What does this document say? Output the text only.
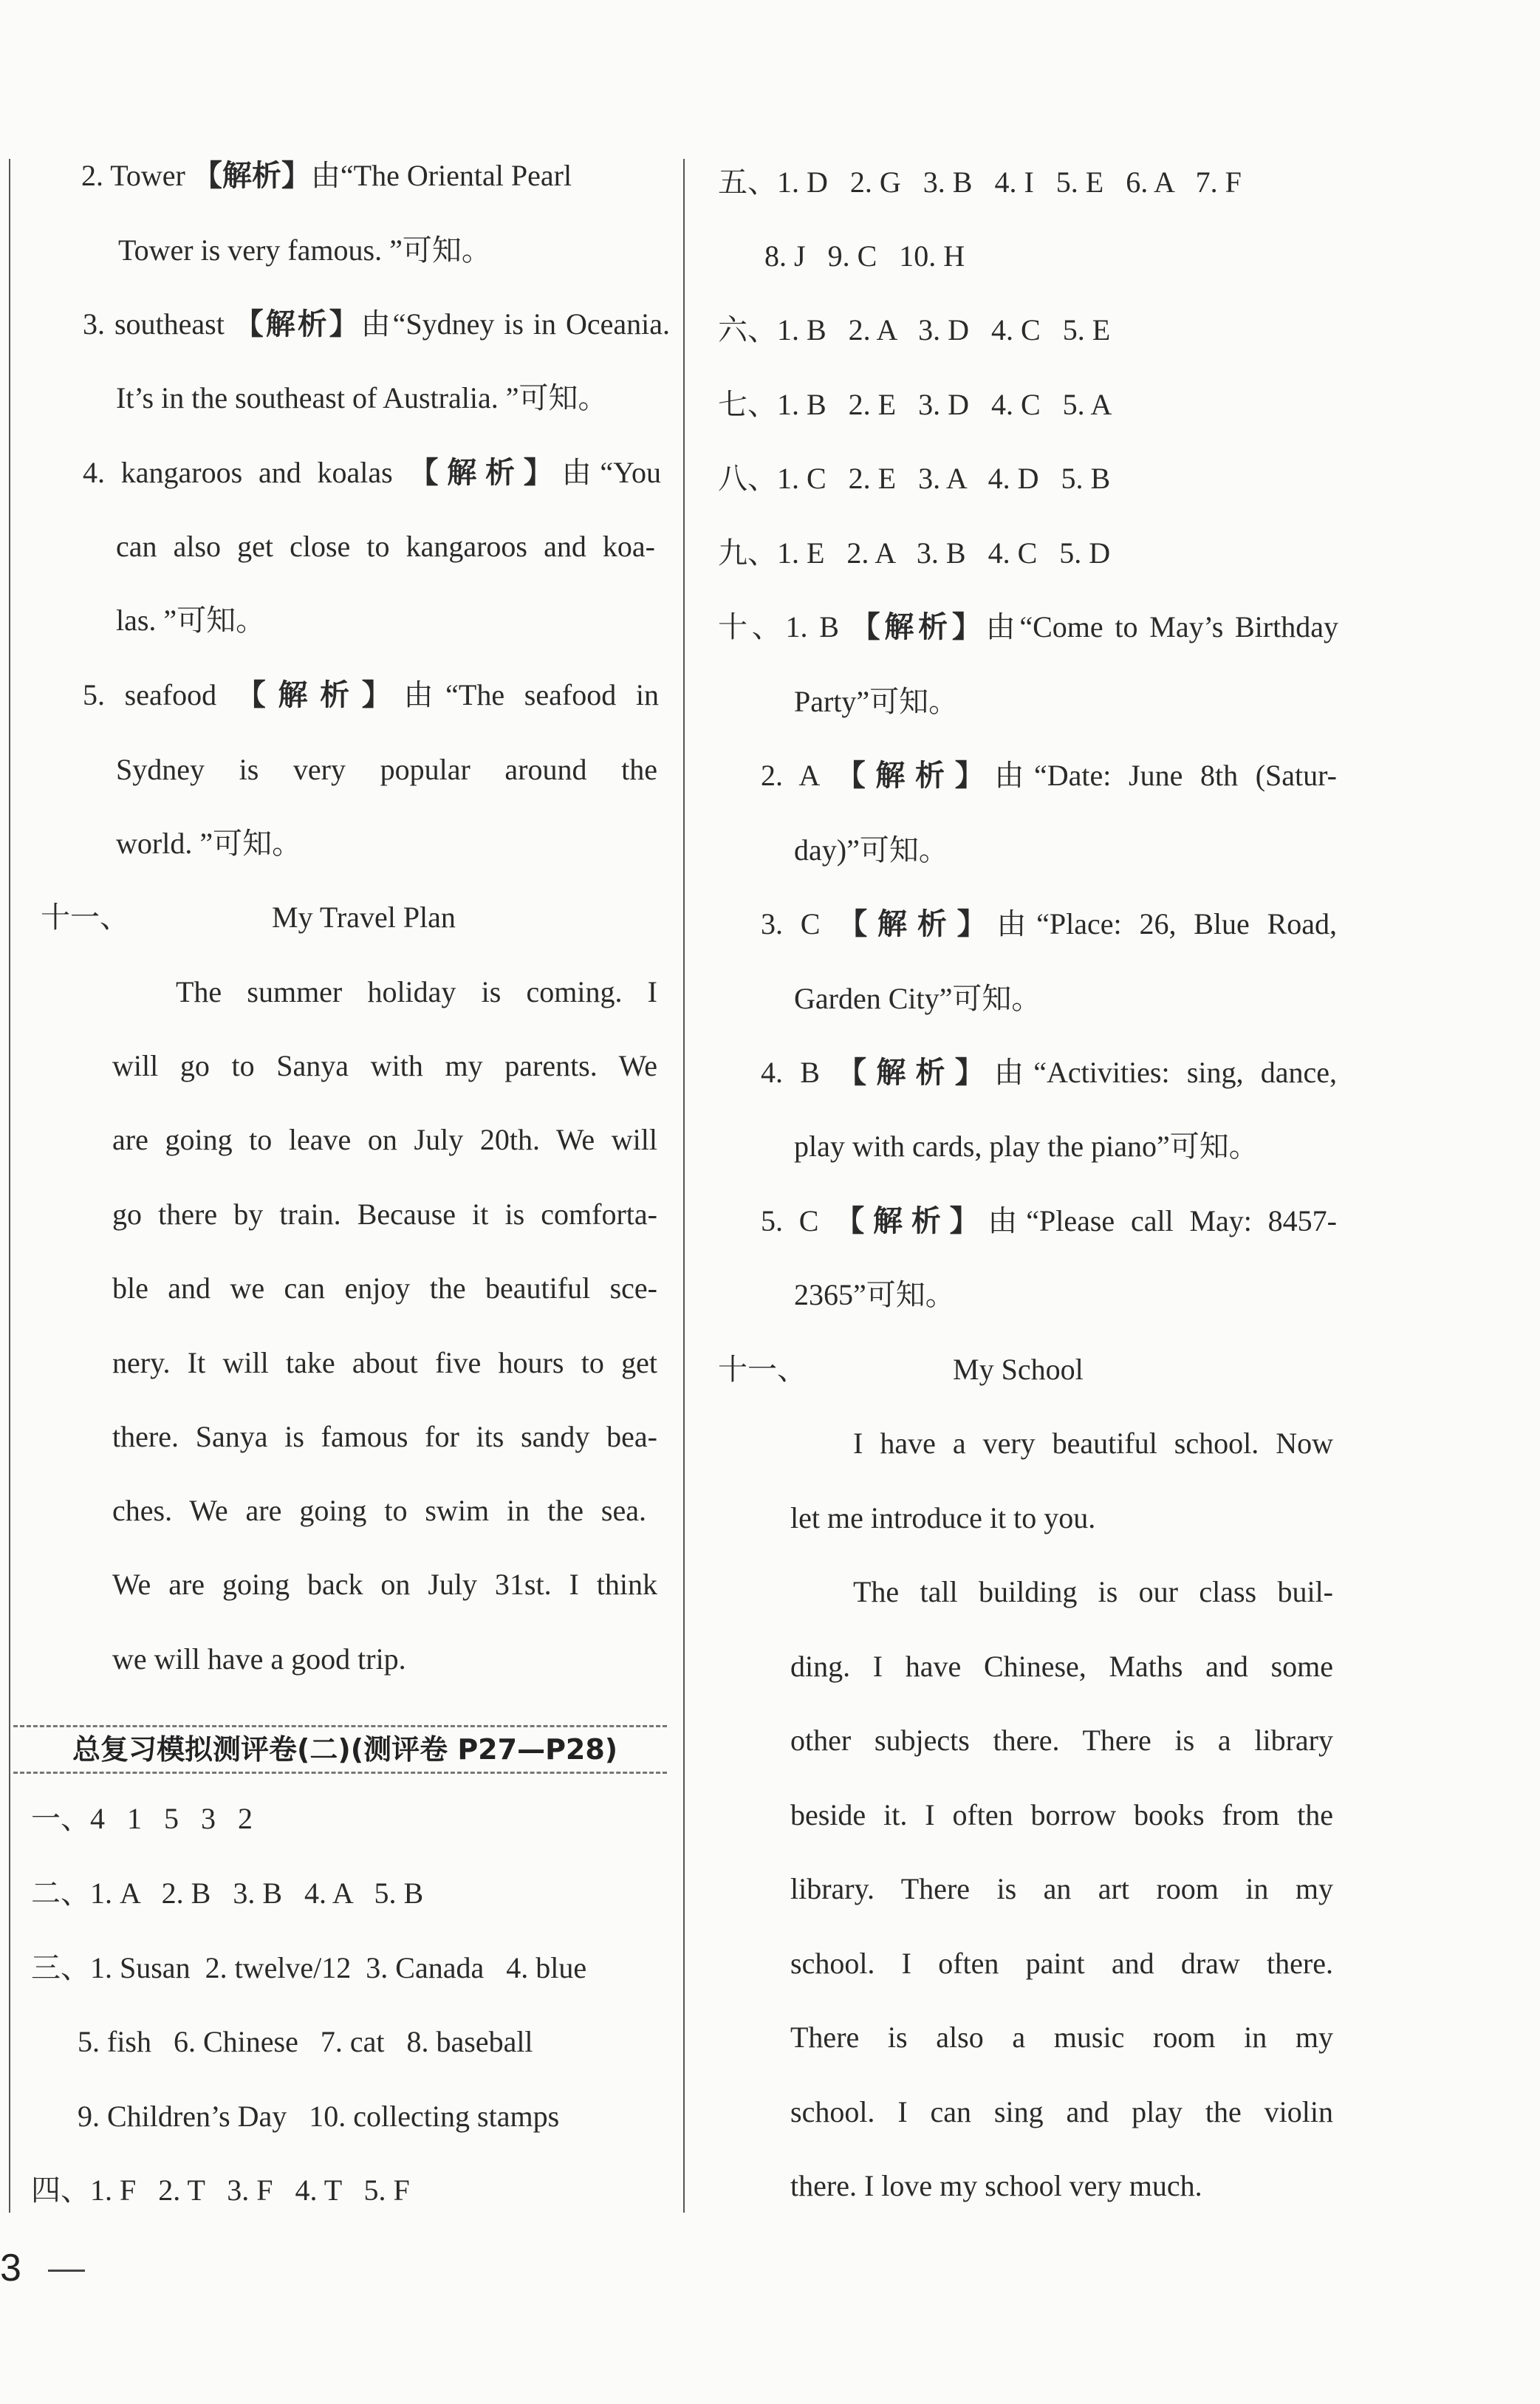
2. Tower 【解析】由“The Oriental Pearl
Tower is very famous. ”可知。
3. southeast 【解析】由“Sydney is in Oceania.
It’s in the southeast of Australia. ”可知。
4. kangaroos and koalas 【解析】由“You
can also get close to kangaroos and koa-
las. ”可知。
5. seafood 【解析】由“The seafood in
Sydney is very popular around the
world. ”可知。
十一、	My Travel Plan
The summer holiday is coming. I
will go to Sanya with my parents. We
are going to leave on July 20th. We will
go there by train. Because it is comforta-
ble and we can enjoy the beautiful sce-
nery. It will take about five hours to get
there. Sanya is famous for its sandy bea-
ches. We are going to swim in the sea.
We are going back on July 31st. I think
we will have a good trip.
一、4   1   5   3   2
二、1. A   2. B   3. B   4. A   5. B
三、1. Susan  2. twelve/12  3. Canada   4. blue
5. fish   6. Chinese   7. cat   8. baseball
9. Children’s Day   10. collecting stamps
四、1. F   2. T   3. F   4. T   5. F
五、1. D   2. G   3. B   4. I   5. E   6. A   7. F
8. J   9. C   10. H
六、1. B   2. A   3. D   4. C   5. E
七、1. B   2. E   3. D   4. C   5. A
八、1. C   2. E   3. A   4. D   5. B
九、1. E   2. A   3. B   4. C   5. D
十、1. B 【解析】由“Come to May’s Birthday
Party”可知。
2. A 【解析】由“Date: June 8th (Satur-
day)”可知。
3. C 【解析】由“Place: 26, Blue Road,
Garden City”可知。
4. B 【解析】由“Activities: sing, dance,
play with cards, play the piano”可知。
5. C 【解析】由“Please call May: 8457-
2365”可知。
十一、	My School
I have a very beautiful school. Now
let me introduce it to you.
The tall building is our class buil-
ding. I have Chinese, Maths and some
other subjects there. There is a library
beside it. I often borrow books from the
library. There is an art room in my
school. I often paint and draw there.
There is also a music room in my
school. I can sing and play the violin
there. I love my school very much.
总复习模拟测评卷(二)(测评卷 P27—P28)
3
